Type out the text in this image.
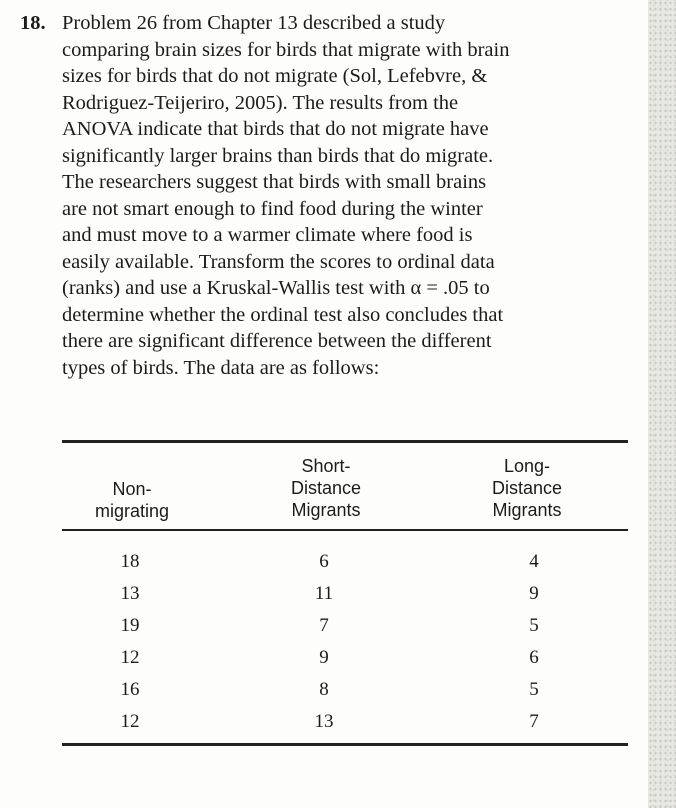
18. Problem 26 from Chapter 13 described a study

comparing brain sizes for birds that migrate with brain

sizes for birds that do not migrate (Sol, Lefebvre, &

Rodriguez-Teijeriro, 2005). The results from the

ANOVA indicate that birds that do not migrate have

significantly larger brains than birds that do migrate.

The researchers suggest that birds with small brains

are not smart enough to find food during the winter

and must move to a warmer climate where food is

easily available. Transform the scores to ordinal data

(ranks) and use a Kruskal-Wallis test with α = .05 to

determine whether the ordinal test also concludes that

there are significant difference between the different

types of birds. The data are as follows:

Non-
migrating
Short-
Distance
Migrants
Long-
Distance
Migrants
18
13
19
12
16
12
6
11
7
9
8
13
4
9
5
6
5
7
